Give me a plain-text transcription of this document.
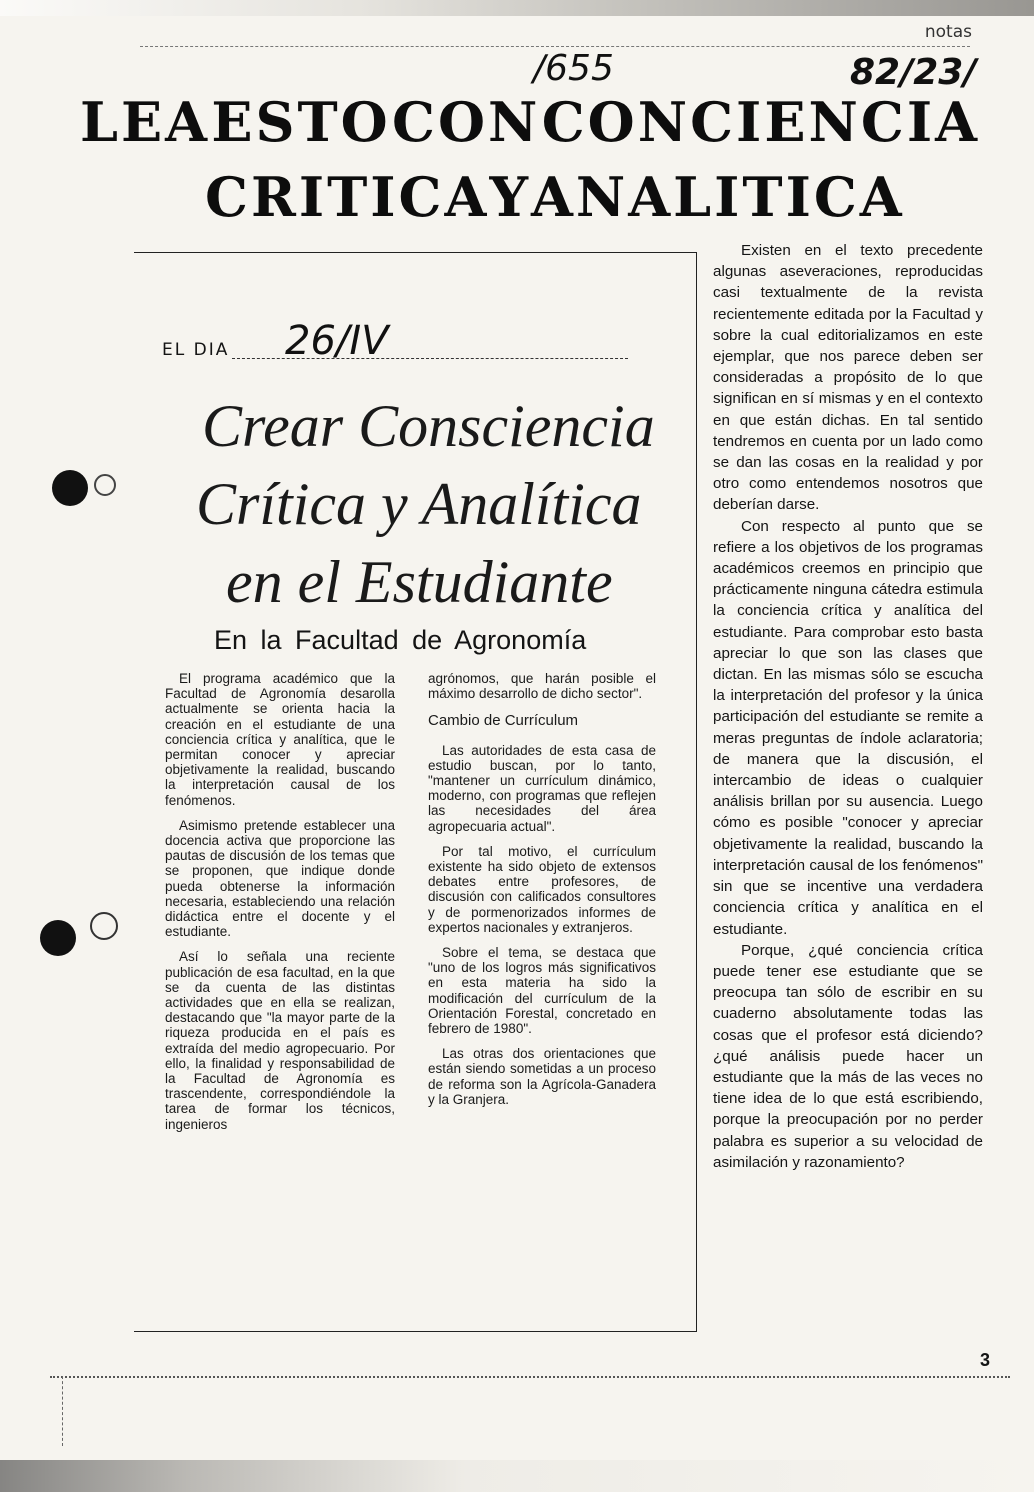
notas
/655	82/23/
LEA ESTO CON CONCIENCIA
CRITICA Y ANALITICA
EL DIA 26/IV
Crear Consciencia
Crítica y Analítica
en el Estudiante
En la Facultad de Agronomía

El programa académico que la Facultad de Agronomía desarolla actualmente se orienta hacia la creación en el estudiante de una conciencia crítica y analítica, que le permitan conocer y apreciar objetivamente la realidad, buscando la interpretación causal de los fenómenos.

Asimismo pretende establecer una docencia activa que proporcione las pautas de discusión de los temas que se proponen, que indique donde pueda obtenerse la información necesaria, estableciendo una relación didáctica entre el docente y el estudiante.

Así lo señala una reciente publicación de esa facultad, en la que se da cuenta de las distintas actividades que en ella se realizan, destacando que "la mayor parte de la riqueza producida en el país es extraída del medio agropecuario. Por ello, la finalidad y responsabilidad de la Facultad de Agronomía es trascendente, correspondiéndole la tarea de formar los técnicos, ingenieros

agrónomos, que harán posible el máximo desarrollo de dicho sector".

Cambio de Currículum

Las autoridades de esta casa de estudio buscan, por lo tanto, "mantener un currículum dinámico, moderno, con programas que reflejen las necesidades del área agropecuaria actual".

Por tal motivo, el currículum existente ha sido objeto de extensos debates entre profesores, de discusión con calificados consultores y de pormenorizados informes de expertos nacionales y extranjeros.

Sobre el tema, se destaca que "uno de los logros más significativos en esta materia ha sido la modificación del currículum de la Orientación Forestal, concretado en febrero de 1980".

Las otras dos orientaciones que están siendo sometidas a un proceso de reforma son la Agrícola-Ganadera y la Granjera.

Existen en el texto precedente algunas aseveraciones, reproducidas casi textualmente de la revista recientemente editada por la Facultad y sobre la cual editorializamos en este ejemplar, que nos parece deben ser consideradas a propósito de lo que significan en sí mismas y en el contexto en que están dichas. En tal sentido tendremos en cuenta por un lado como se dan las cosas en la realidad y por otro como entendemos nosotros que deberían darse.

Con respecto al punto que se refiere a los objetivos de los programas académicos creemos en principio que prácticamente ninguna cátedra estimula la conciencia crítica y analítica del estudiante. Para comprobar esto basta apreciar lo que son las clases que dictan. En las mismas sólo se escucha la interpretación del profesor y la única participación del estudiante se remite a meras preguntas de índole aclaratoria; de manera que la discusión, el intercambio de ideas o cualquier análisis brillan por su ausencia. Luego cómo es posible "conocer y apreciar objetivamente la realidad, buscando la interpretación causal de los fenómenos" sin que se incentive una verdadera conciencia crítica y analítica en el estudiante.

Porque, ¿qué conciencia crítica puede tener ese estudiante que se preocupa tan sólo de escribir en su cuaderno absolutamente todas las cosas que el profesor está diciendo? ¿qué análisis puede hacer un estudiante que la más de las veces no tiene idea de lo que está escribiendo, porque la preocupación por no perder palabra es superior a su velocidad de asimilación y razonamiento?

3
